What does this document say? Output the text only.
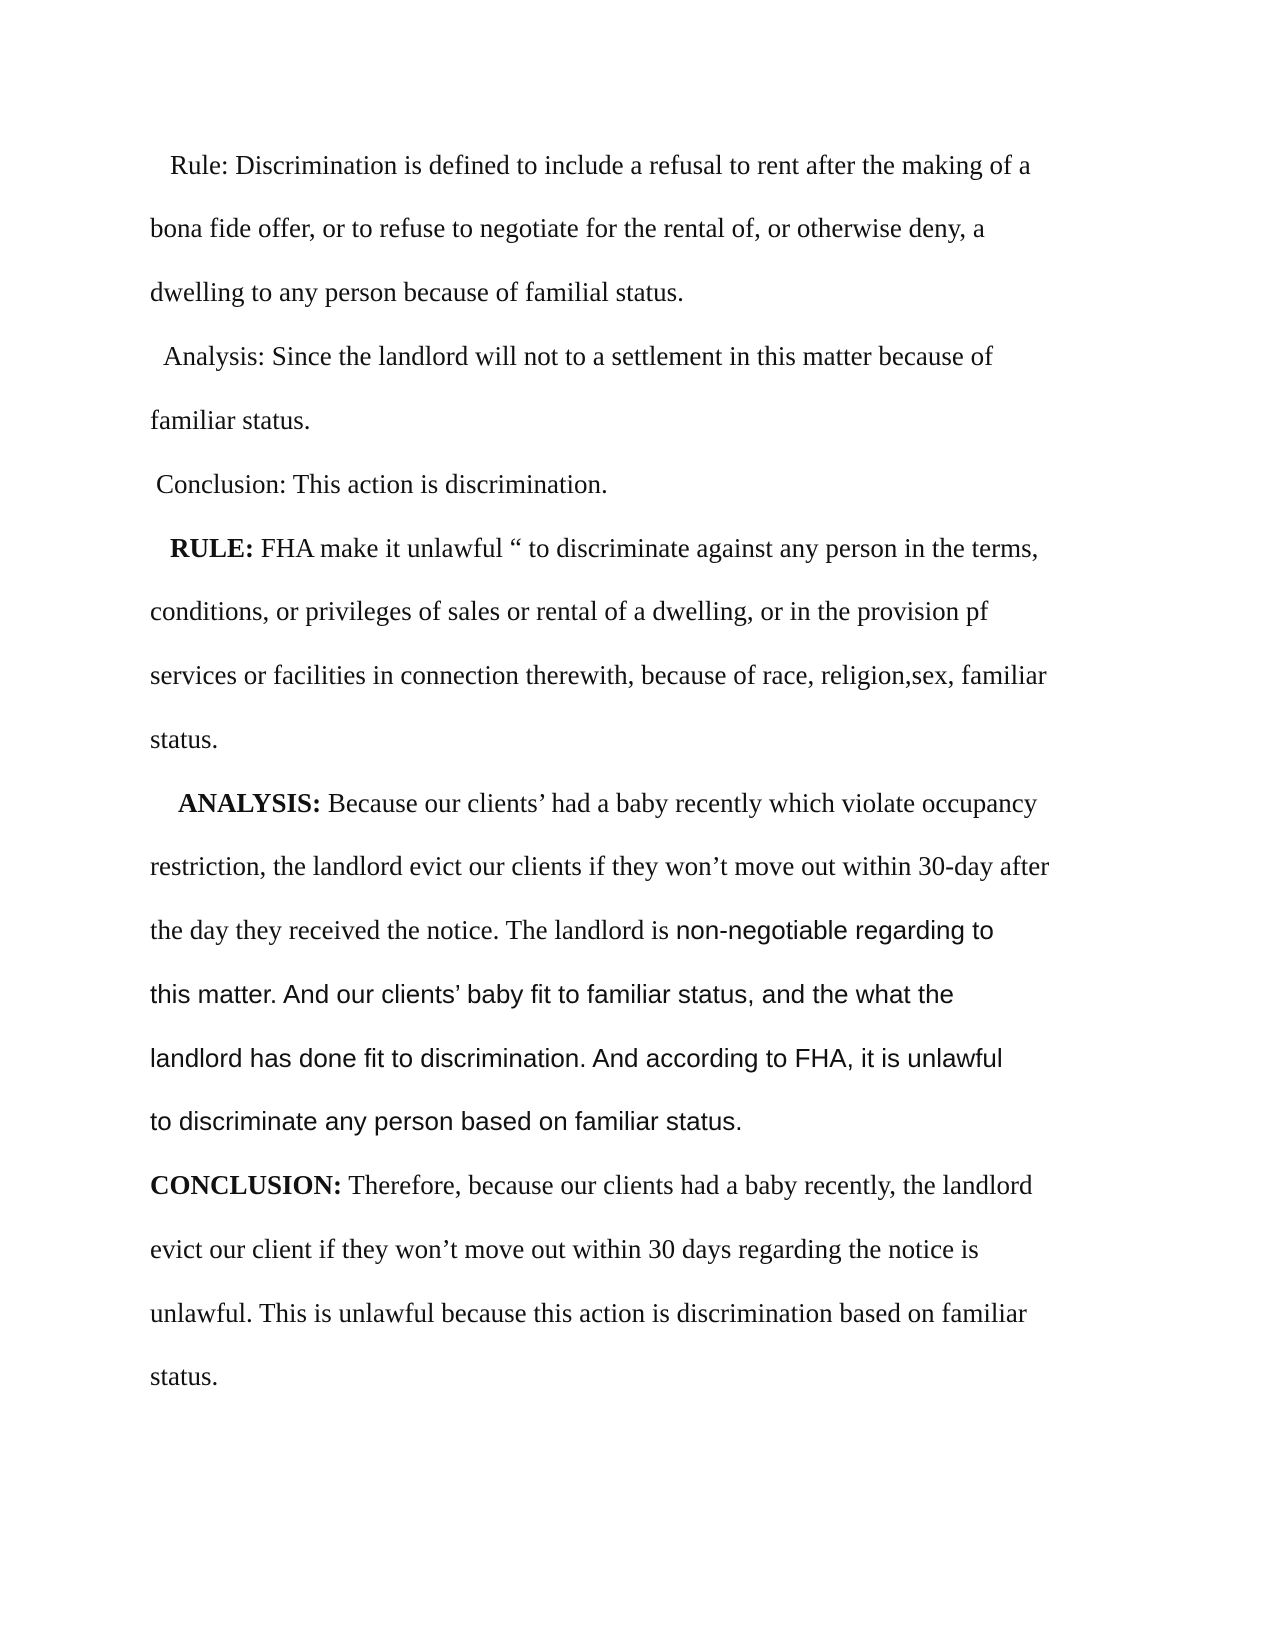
Rule: Discrimination is defined to include a refusal to rent after the making of a

bona fide offer, or to refuse to negotiate for the rental of, or otherwise deny, a

dwelling to any person because of familial status.

Analysis: Since the landlord will not to a settlement in this matter because of

familiar status.

Conclusion: This action is discrimination.

RULE: FHA make it unlawful “ to discriminate against any person in the terms,

conditions, or privileges of sales or rental of a dwelling, or in the provision pf

services or facilities in connection therewith, because of race, religion,sex, familiar

status.

ANALYSIS: Because our clients’ had a baby recently which violate occupancy

restriction, the landlord evict our clients if they won’t move out within 30-day after

the day they received the notice. The landlord is non-negotiable regarding to

this matter. And our clients’ baby fit to familiar status, and the what the

landlord has done fit to discrimination. And according to FHA, it is unlawful

to discriminate any person based on familiar status.

CONCLUSION: Therefore, because our clients had a baby recently, the landlord

evict our client if they won’t move out within 30 days regarding the notice is

unlawful. This is unlawful because this action is discrimination based on familiar

status.
